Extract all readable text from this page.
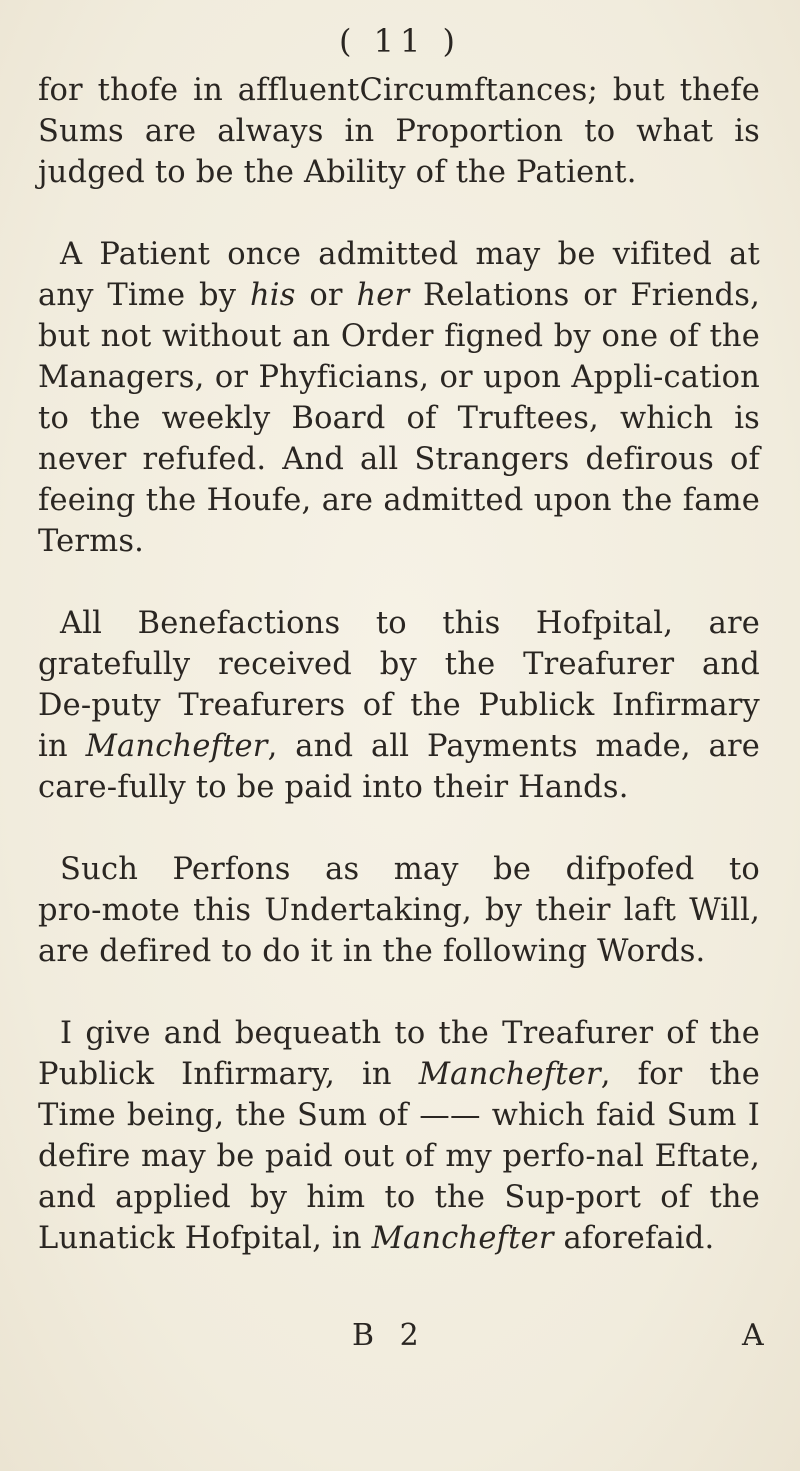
( 11 )

for thofe in affluentCircumftances; but thefe Sums are always in Proportion to what is judged to be the Ability of the Patient.

A Patient once admitted may be vifited at any Time by his or her Relations or Friends, but not without an Order figned by one of the Managers, or Phyficians, or upon Appli‑cation to the weekly Board of Truftees, which is never refufed. And all Strangers defirous of feeing the Houfe, are admitted upon the fame Terms.

All Benefactions to this Hofpital, are gratefully received by the Treafurer and De‑puty Treafurers of the Publick Infirmary in Manchefter, and all Payments made, are care‑fully to be paid into their Hands.

Such Perfons as may be difpofed to pro‑mote this Undertaking, by their laft Will, are defired to do it in the following Words.

I give and bequeath to the Treafurer of the Publick Infirmary, in Manchefter, for the Time being, the Sum of —— which faid Sum I defire may be paid out of my perfo‑nal Eftate, and applied by him to the Sup‑port of the Lunatick Hofpital, in Manchefter aforefaid.

B 2	A
